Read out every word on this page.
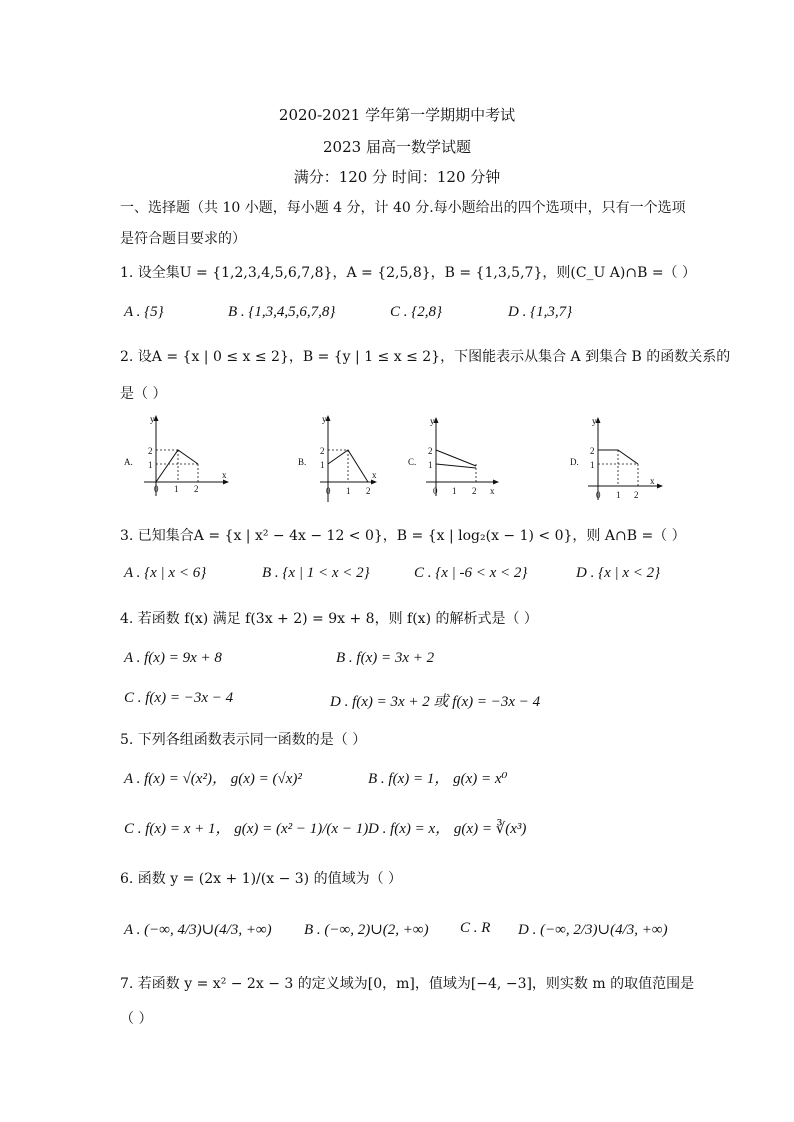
2020-2021 学年第一学期期中考试
2023 届高一数学试题
满分：120 分 时间：120 分钟
一、选择题（共 10 小题，每小题 4 分，计 40 分.每小题给出的四个选项中，只有一个选项
是符合题目要求的）
1. 设全集U = {1,2,3,4,5,6,7,8}，A = {2,5,8}，B = {1,3,5,7}，则(C_U A)∩B =（ ）
A . {5}	B . {1,3,4,5,6,7,8}	C . {2,8}	D . {1,3,7}
2. 设A = {x | 0 ≤ x ≤ 2}，B = {y | 1 ≤ x ≤ 2}，下图能表示从集合 A 到集合 B 的函数关系的
是（ ）
A.
y
x
2
1
0 1 2
B.
y
x
2
1
0 1 2
C.
y
x
2
1
0 1 2
D.
y
x
2
1
0 1 2
3. 已知集合A = {x | x² − 4x − 12 < 0}，B = {x | log₂(x − 1) < 0}，则 A∩B =（ ）
A . {x | x < 6}	B . {x | 1 < x < 2}	C . {x | -6 < x < 2}	D . {x | x < 2}
4. 若函数 f(x) 满足 f(3x + 2) = 9x + 8，则 f(x) 的解析式是（ ）
A . f(x) = 9x + 8	B . f(x) = 3x + 2
C . f(x) = −3x − 4	D . f(x) = 3x + 2 或 f(x) = −3x − 4
5. 下列各组函数表示同一函数的是（ ）
A . f(x) = √(x²)， g(x) = (√x)²	B . f(x) = 1， g(x) = x⁰
C . f(x) = x + 1， g(x) = (x² − 1)/(x − 1) D . f(x) = x， g(x) = ∛(x³)
6. 函数 y = (2x + 1)/(x − 3) 的值域为（ ）
A . (−∞, 4/3)∪(4/3, +∞) B . (−∞, 2)∪(2, +∞) C . R D . (−∞, 2/3)∪(4/3, +∞)
7. 若函数 y = x² − 2x − 3 的定义域为[0，m]，值域为[−4, −3]，则实数 m 的取值范围是
（ ）
